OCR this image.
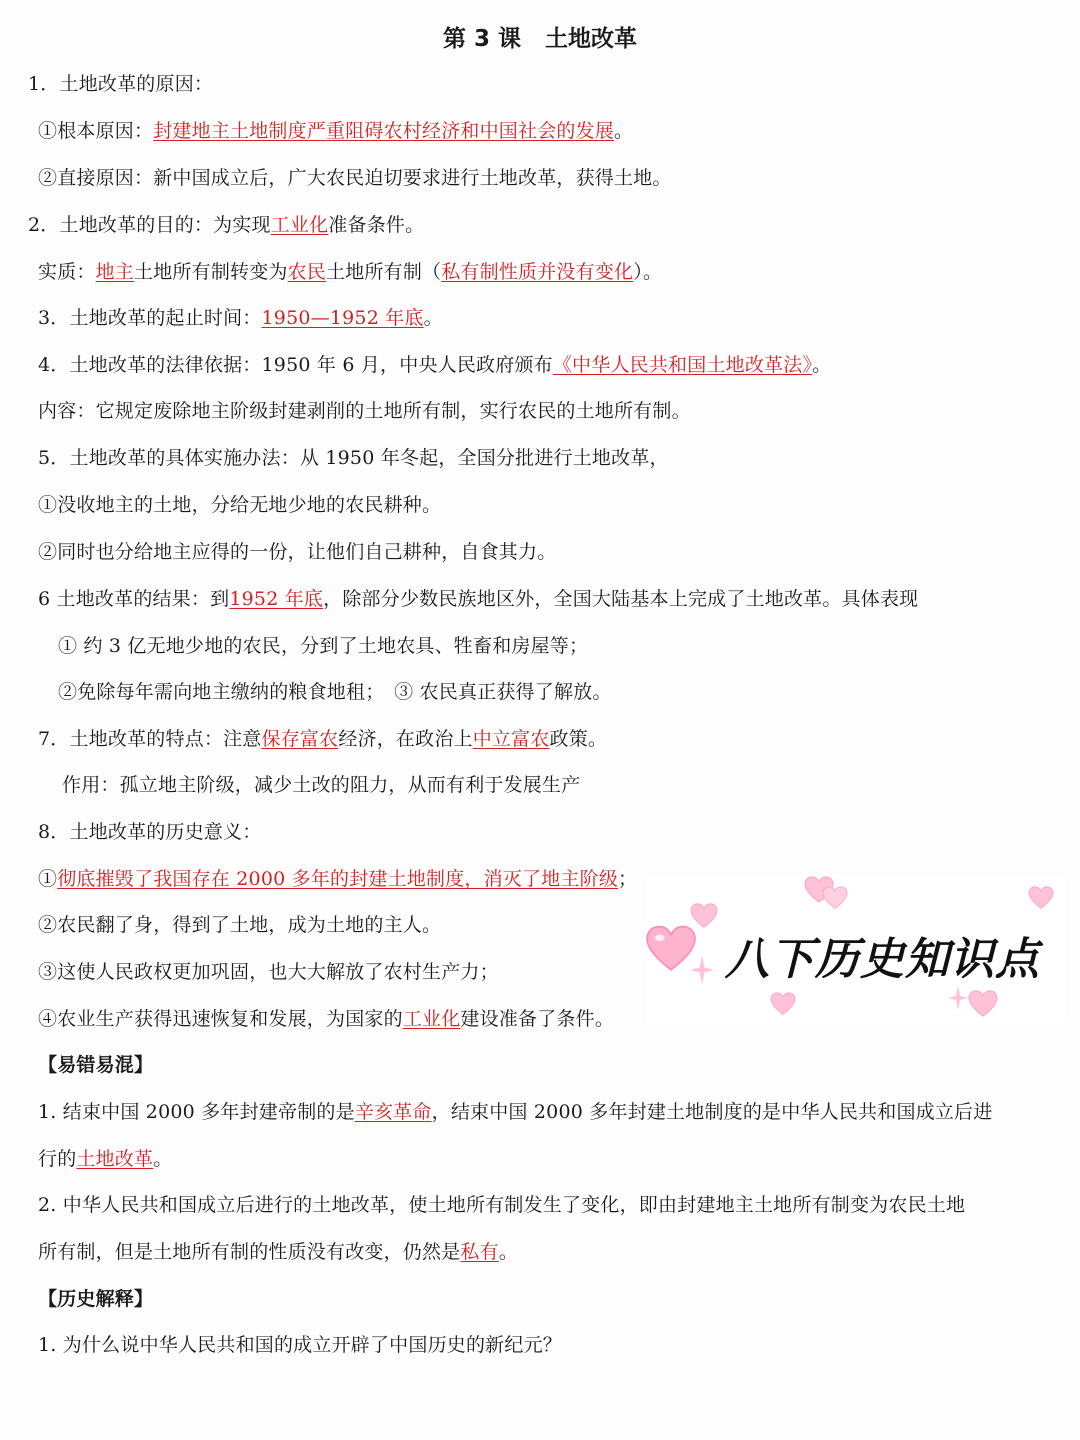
第 3 课 土地改革
1．土地改革的原因：
①根本原因：封建地主土地制度严重阻碍农村经济和中国社会的发展。
②直接原因：新中国成立后，广大农民迫切要求进行土地改革，获得土地。
2．土地改革的目的：为实现工业化准备条件。
实质：地主土地所有制转变为农民土地所有制（私有制性质并没有变化）。
3．土地改革的起止时间：1950—1952 年底。
4．土地改革的法律依据：1950 年 6 月，中央人民政府颁布《中华人民共和国土地改革法》。
内容：它规定废除地主阶级封建剥削的土地所有制，实行农民的土地所有制。
5．土地改革的具体实施办法：从 1950 年冬起，全国分批进行土地改革，
①没收地主的土地，分给无地少地的农民耕种。
②同时也分给地主应得的一份，让他们自己耕种，自食其力。
6 土地改革的结果：到1952 年底，除部分少数民族地区外，全国大陆基本上完成了土地改革。具体表现
① 约 3 亿无地少地的农民，分到了土地农具、牲畜和房屋等；
②免除每年需向地主缴纳的粮食地租；　③ 农民真正获得了解放。
7．土地改革的特点：注意保存富农经济，在政治上中立富农政策。
作用：孤立地主阶级，减少土改的阻力，从而有利于发展生产
8．土地改革的历史意义：
①彻底摧毁了我国存在 2000 多年的封建土地制度，消灭了地主阶级；
②农民翻了身，得到了土地，成为土地的主人。
③这使人民政权更加巩固，也大大解放了农村生产力；
④农业生产获得迅速恢复和发展，为国家的工业化建设准备了条件。
【易错易混】
1. 结束中国 2000 多年封建帝制的是辛亥革命，结束中国 2000 多年封建土地制度的是中华人民共和国成立后进
行的土地改革。
2. 中华人民共和国成立后进行的土地改革，使土地所有制发生了变化，即由封建地主土地所有制变为农民土地
所有制，但是土地所有制的性质没有改变，仍然是私有。
【历史解释】
1. 为什么说中华人民共和国的成立开辟了中国历史的新纪元？
八下历史知识点
